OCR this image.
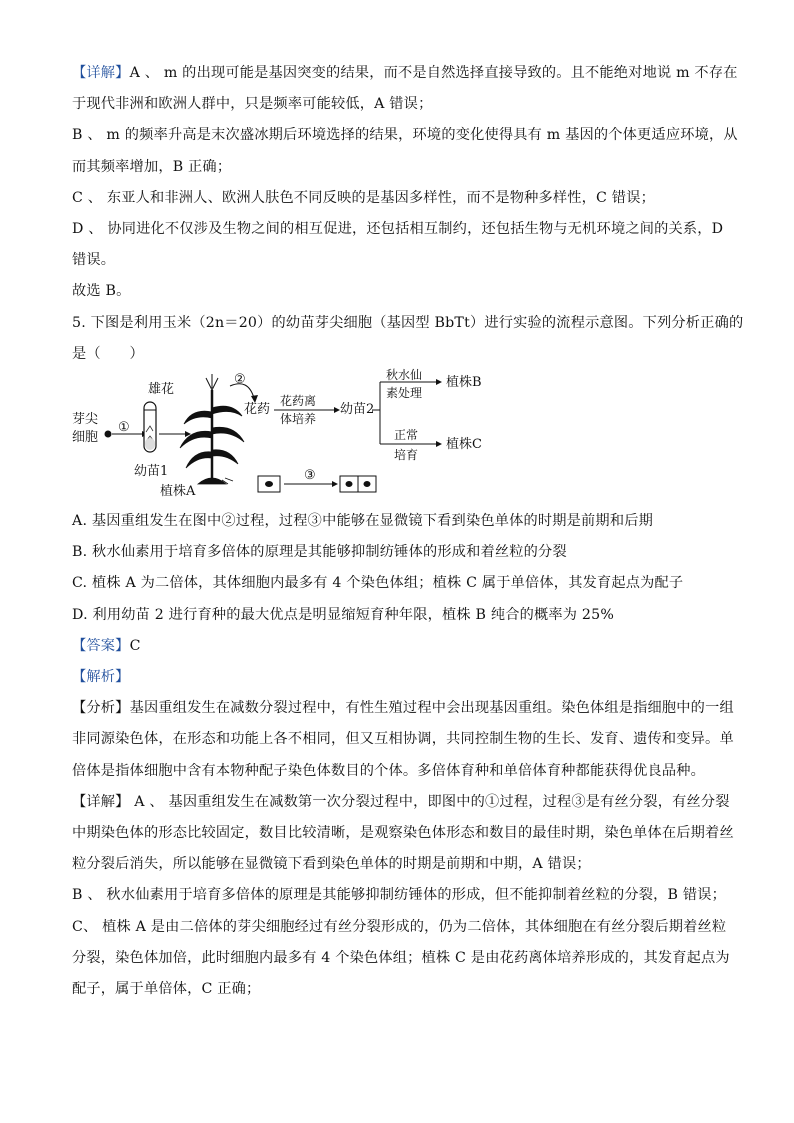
【详解】A 、 m 的出现可能是基因突变的结果，而不是自然选择直接导致的。且不能绝对地说 m 不存在

于现代非洲和欧洲人群中，只是频率可能较低，A 错误；

B 、 m 的频率升高是末次盛冰期后环境选择的结果，环境的变化使得具有 m 基因的个体更适应环境，从

而其频率增加，B 正确；

C 、 东亚人和非洲人、欧洲人肤色不同反映的是基因多样性，而不是物种多样性，C 错误；

D 、 协同进化不仅涉及生物之间的相互促进，还包括相互制约，还包括生物与无机环境之间的关系，D

错误。

故选 B。

5. 下图是利用玉米（2n＝20）的幼苗芽尖细胞（基因型 BbTt）进行实验的流程示意图。下列分析正确的

是（　　）

芽尖
细胞
①
幼苗1
植株A
雄花
②
花药
花药离
体培养
幼苗2
秋水仙
素处理
植株B
正常
培育
植株C
③

A. 基因重组发生在图中②过程，过程③中能够在显微镜下看到染色单体的时期是前期和后期

B. 秋水仙素用于培育多倍体的原理是其能够抑制纺锤体的形成和着丝粒的分裂

C. 植株 A 为二倍体，其体细胞内最多有 4 个染色体组；植株 C 属于单倍体，其发育起点为配子

D. 利用幼苗 2 进行育种的最大优点是明显缩短育种年限，植株 B 纯合的概率为 25%

【答案】C

【解析】

【分析】基因重组发生在减数分裂过程中，有性生殖过程中会出现基因重组。染色体组是指细胞中的一组

非同源染色体，在形态和功能上各不相同，但又互相协调，共同控制生物的生长、发育、遗传和变异。单

倍体是指体细胞中含有本物种配子染色体数目的个体。多倍体育种和单倍体育种都能获得优良品种。

【详解】 A 、 基因重组发生在减数第一次分裂过程中，即图中的①过程，过程③是有丝分裂，有丝分裂

中期染色体的形态比较固定，数目比较清晰，是观察染色体形态和数目的最佳时期，染色单体在后期着丝

粒分裂后消失，所以能够在显微镜下看到染色单体的时期是前期和中期，A 错误；

B 、 秋水仙素用于培育多倍体的原理是其能够抑制纺锤体的形成，但不能抑制着丝粒的分裂，B 错误；

C、 植株 A 是由二倍体的芽尖细胞经过有丝分裂形成的，仍为二倍体，其体细胞在有丝分裂后期着丝粒

分裂，染色体加倍，此时细胞内最多有 4 个染色体组；植株 C 是由花药离体培养形成的，其发育起点为

配子，属于单倍体，C 正确；
